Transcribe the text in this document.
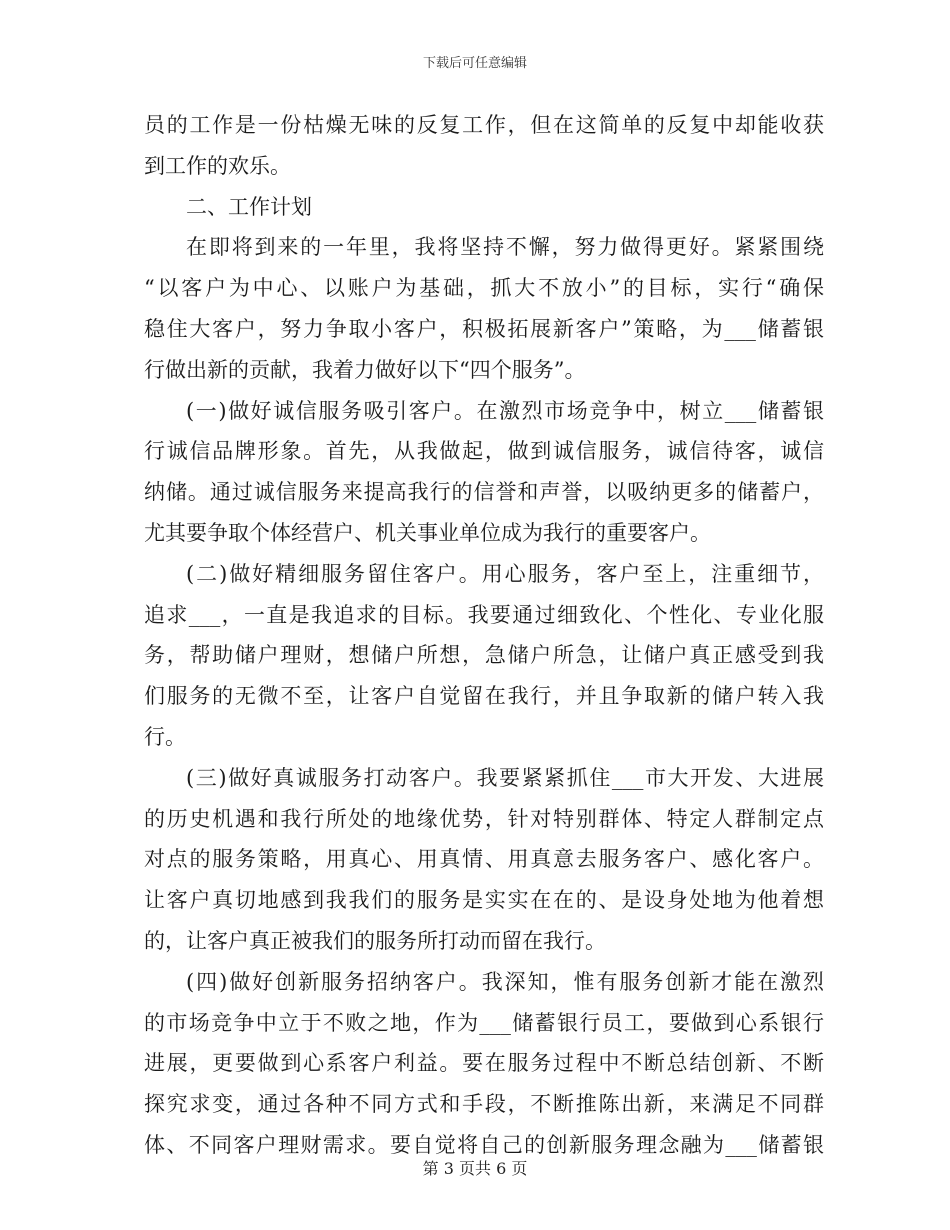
下载后可任意编辑
员的工作是一份枯燥无味的反复工作，但在这简单的反复中却能收获
到工作的欢乐。
二、工作计划
在即将到来的一年里，我将坚持不懈，努力做得更好。紧紧围绕
“以客户为中心、以账户为基础，抓大不放小”的目标，实行“确保
稳住大客户，努力争取小客户，积极拓展新客户”策略，为___储蓄银
行做出新的贡献，我着力做好以下“四个服务”。
(一)做好诚信服务吸引客户。在激烈市场竞争中，树立___储蓄银
行诚信品牌形象。首先，从我做起，做到诚信服务，诚信待客，诚信
纳储。通过诚信服务来提高我行的信誉和声誉，以吸纳更多的储蓄户，
尤其要争取个体经营户、机关事业单位成为我行的重要客户。
(二)做好精细服务留住客户。用心服务，客户至上，注重细节，
追求___，一直是我追求的目标。我要通过细致化、个性化、专业化服
务，帮助储户理财，想储户所想，急储户所急，让储户真正感受到我
们服务的无微不至，让客户自觉留在我行，并且争取新的储户转入我
行。
(三)做好真诚服务打动客户。我要紧紧抓住___市大开发、大进展
的历史机遇和我行所处的地缘优势，针对特别群体、特定人群制定点
对点的服务策略，用真心、用真情、用真意去服务客户、感化客户。
让客户真切地感到我我们的服务是实实在在的、是设身处地为他着想
的，让客户真正被我们的服务所打动而留在我行。
(四)做好创新服务招纳客户。我深知，惟有服务创新才能在激烈
的市场竞争中立于不败之地，作为___储蓄银行员工，要做到心系银行
进展，更要做到心系客户利益。要在服务过程中不断总结创新、不断
探究求变，通过各种不同方式和手段，不断推陈出新，来满足不同群
体、不同客户理财需求。要自觉将自己的创新服务理念融为___储蓄银
第 3 页共 6 页
